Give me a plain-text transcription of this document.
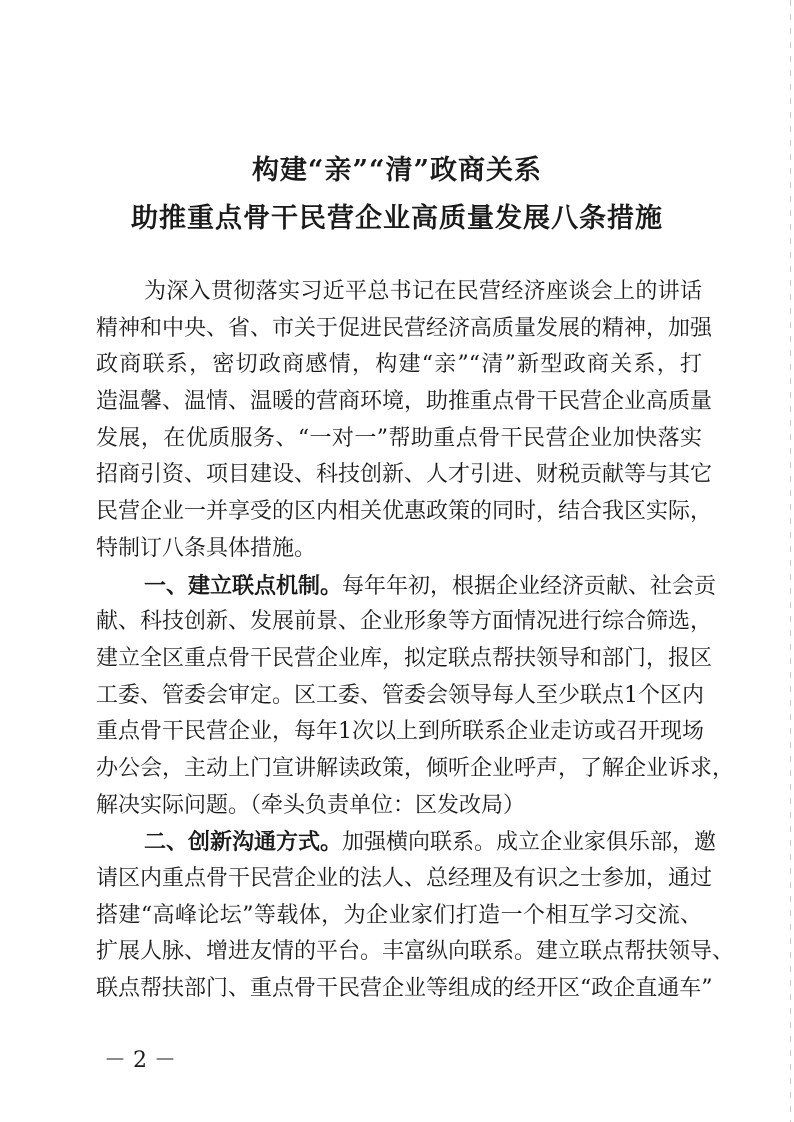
构建“亲”“清”政商关系
助推重点骨干民营企业高质量发展八条措施
为深入贯彻落实习近平总书记在民营经济座谈会上的讲话
精神和中央、省、市关于促进民营经济高质量发展的精神，加强
政商联系，密切政商感情，构建“亲”“清”新型政商关系，打
造温馨、温情、温暖的营商环境，助推重点骨干民营企业高质量
发展，在优质服务、“一对一”帮助重点骨干民营企业加快落实
招商引资、项目建设、科技创新、人才引进、财税贡献等与其它
民营企业一并享受的区内相关优惠政策的同时，结合我区实际，
特制订八条具体措施。
一、建立联点机制。每年年初，根据企业经济贡献、社会贡
献、科技创新、发展前景、企业形象等方面情况进行综合筛选，
建立全区重点骨干民营企业库，拟定联点帮扶领导和部门，报区
工委、管委会审定。区工委、管委会领导每人至少联点1个区内
重点骨干民营企业，每年1次以上到所联系企业走访或召开现场
办公会，主动上门宣讲解读政策，倾听企业呼声，了解企业诉求，
解决实际问题。（牵头负责单位：区发改局）
二、创新沟通方式。加强横向联系。成立企业家俱乐部，邀
请区内重点骨干民营企业的法人、总经理及有识之士参加，通过
搭建“高峰论坛”等载体，为企业家们打造一个相互学习交流、
扩展人脉、增进友情的平台。丰富纵向联系。建立联点帮扶领导、
联点帮扶部门、重点骨干民营企业等组成的经开区“政企直通车”
－ 2 －
